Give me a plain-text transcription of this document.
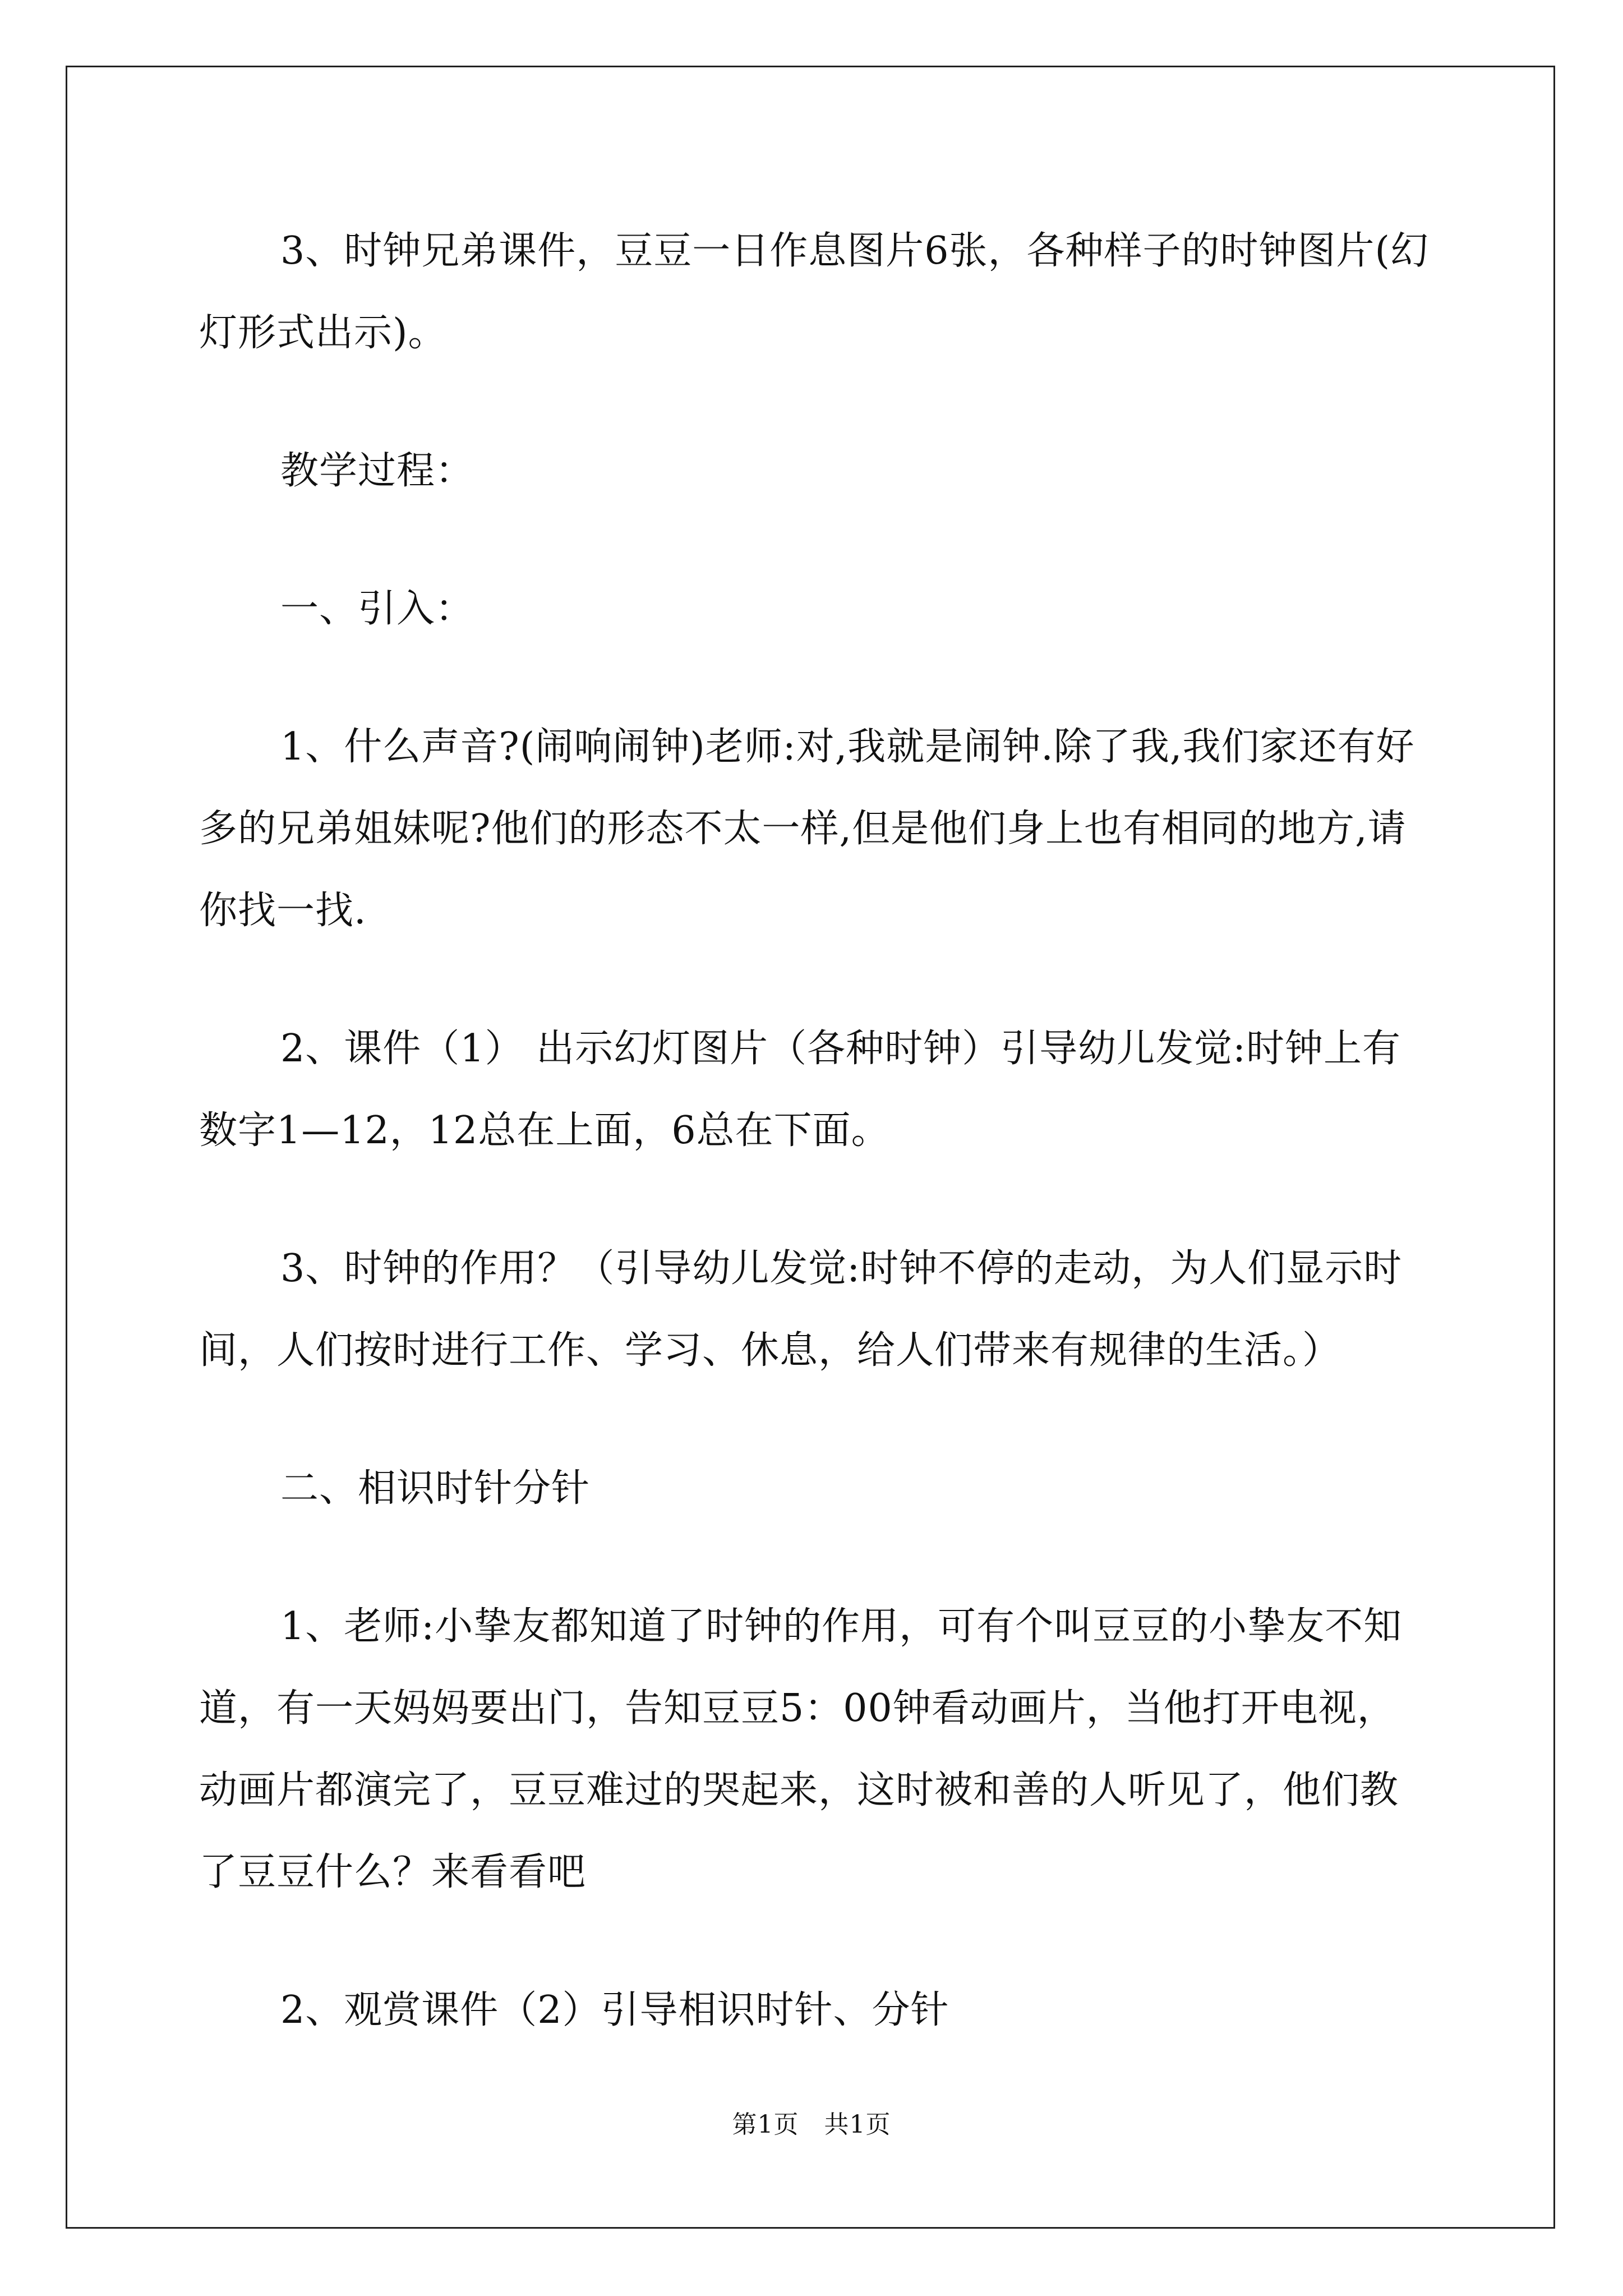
3、时钟兄弟课件，豆豆一日作息图片6张，各种样子的时钟图片(幻灯形式出示)。

教学过程：

一、引入：

1、什么声音?(闹响闹钟)老师:对,我就是闹钟.除了我,我们家还有好多的兄弟姐妹呢?他们的形态不太一样,但是他们身上也有相同的地方,请你找一找.

2、课件（1） 出示幻灯图片（各种时钟）引导幼儿发觉:时钟上有数字1—12，12总在上面，6总在下面。

3、时钟的作用？（引导幼儿发觉:时钟不停的走动，为人们显示时间，人们按时进行工作、学习、休息，给人们带来有规律的生活。）

二、相识时针分针

1、老师:小挚友都知道了时钟的作用，可有个叫豆豆的小挚友不知道，有一天妈妈要出门，告知豆豆5：00钟看动画片，当他打开电视，动画片都演完了，豆豆难过的哭起来，这时被和善的人听见了，他们教了豆豆什么？来看看吧

2、观赏课件（2）引导相识时针、分针

第1页　共1页
